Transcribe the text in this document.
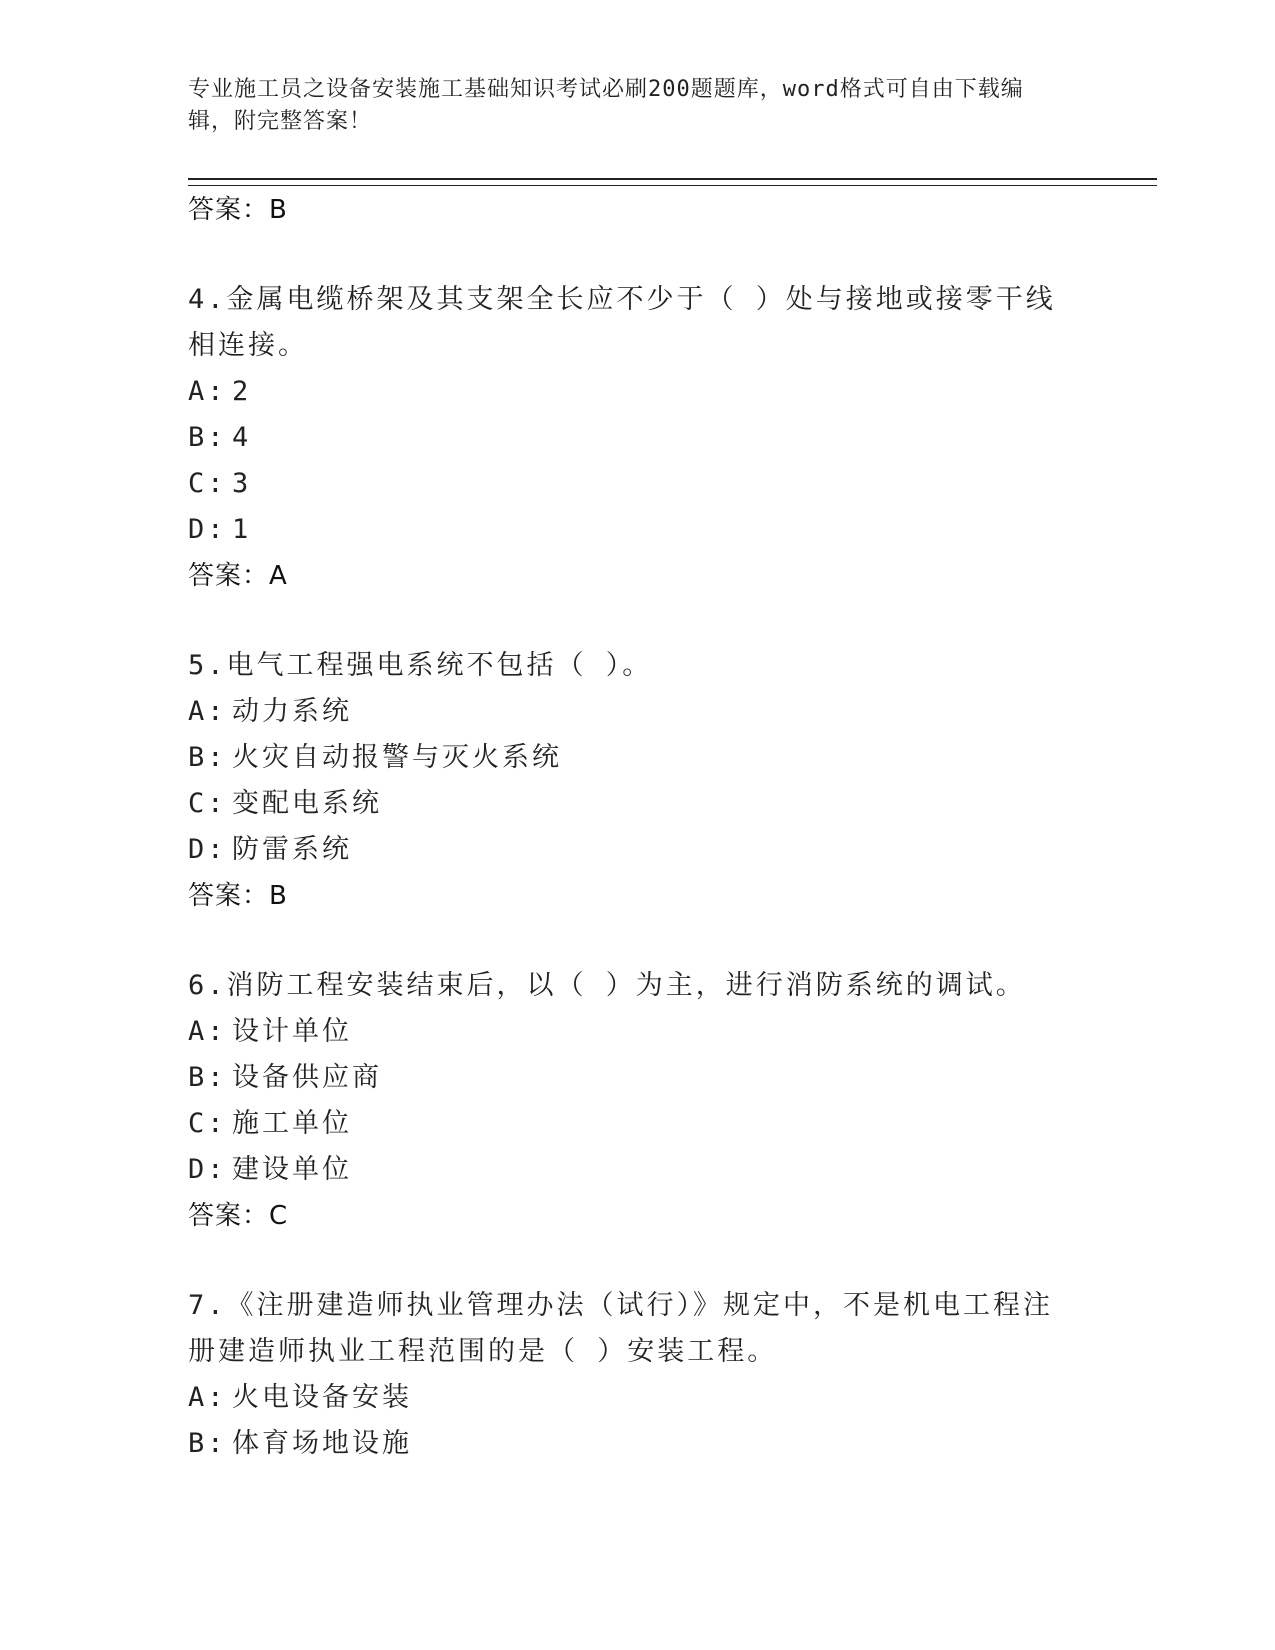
专业施工员之设备安装施工基础知识考试必刷200题题库，word格式可自由下载编辑，附完整答案！
答案：B
4.金属电缆桥架及其支架全长应不少于（ ）处与接地或接零干线相连接。
A: 2
B: 4
C: 3
D: 1
答案：A
5.电气工程强电系统不包括（ ）。
A: 动力系统
B: 火灾自动报警与灭火系统
C: 变配电系统
D: 防雷系统
答案：B
6.消防工程安装结束后，以（ ）为主，进行消防系统的调试。
A: 设计单位
B: 设备供应商
C: 施工单位
D: 建设单位
答案：C
7.《注册建造师执业管理办法（试行）》规定中，不是机电工程注册建造师执业工程范围的是（ ）安装工程。
A: 火电设备安装
B: 体育场地设施
